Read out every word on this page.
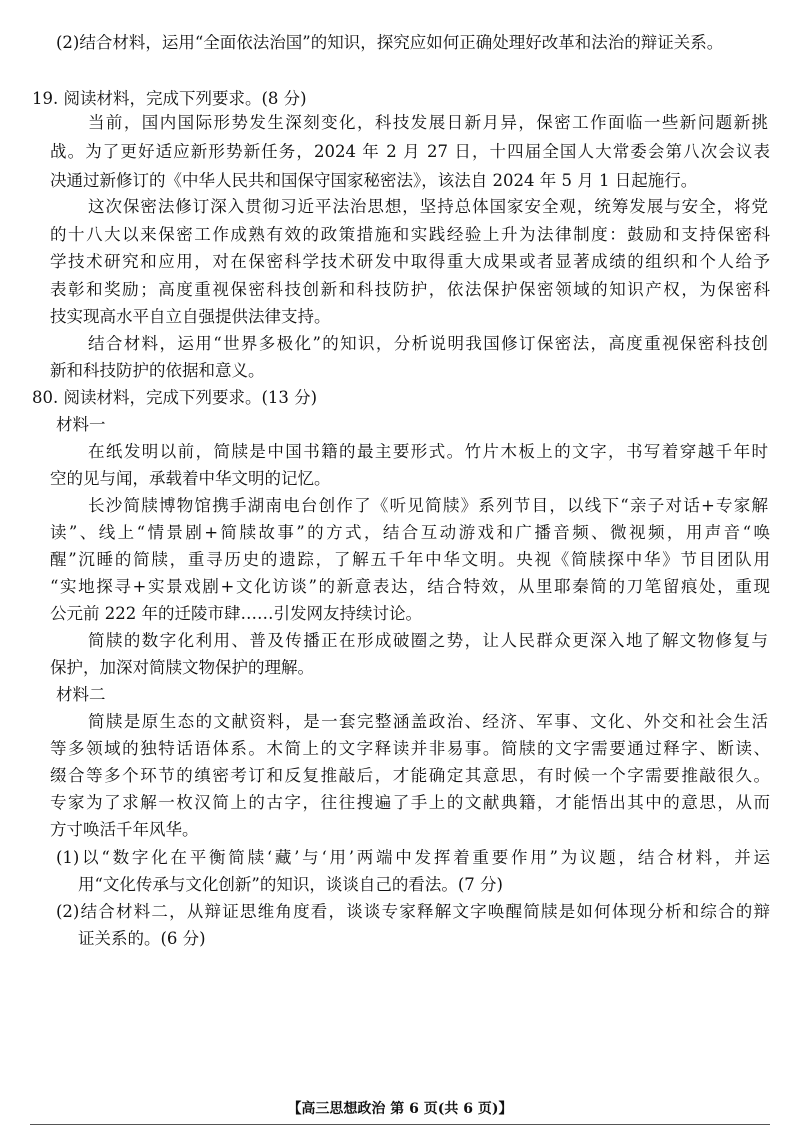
(2)结合材料，运用“全面依法治国”的知识，探究应如何正确处理好改革和法治的辩证关系。
19. 阅读材料，完成下列要求。(8 分)
当前，国内国际形势发生深刻变化，科技发展日新月异，保密工作面临一些新问题新挑
战。为了更好适应新形势新任务，2024 年 2 月 27 日，十四届全国人大常委会第八次会议表
决通过新修订的《中华人民共和国保守国家秘密法》，该法自 2024 年 5 月 1 日起施行。
这次保密法修订深入贯彻习近平法治思想，坚持总体国家安全观，统筹发展与安全，将党
的十八大以来保密工作成熟有效的政策措施和实践经验上升为法律制度：鼓励和支持保密科
学技术研究和应用，对在保密科学技术研发中取得重大成果或者显著成绩的组织和个人给予
表彰和奖励；高度重视保密科技创新和科技防护，依法保护保密领域的知识产权，为保密科
技实现高水平自立自强提供法律支持。
结合材料，运用“世界多极化”的知识，分析说明我国修订保密法，高度重视保密科技创
新和科技防护的依据和意义。
80. 阅读材料，完成下列要求。(13 分)
材料一
在纸发明以前，简牍是中国书籍的最主要形式。竹片木板上的文字，书写着穿越千年时
空的见与闻，承载着中华文明的记忆。
长沙简牍博物馆携手湖南电台创作了《听见简牍》系列节目，以线下“亲子对话+专家解
读”、线上“情景剧+简牍故事”的方式，结合互动游戏和广播音频、微视频，用声音“唤
醒”沉睡的简牍，重寻历史的遗踪，了解五千年中华文明。央视《简牍探中华》节目团队用
“实地探寻+实景戏剧+文化访谈”的新意表达，结合特效，从里耶秦简的刀笔留痕处，重现
公元前 222 年的迁陵市肆……引发网友持续讨论。
简牍的数字化利用、普及传播正在形成破圈之势，让人民群众更深入地了解文物修复与
保护，加深对简牍文物保护的理解。
材料二
简牍是原生态的文献资料，是一套完整涵盖政治、经济、军事、文化、外交和社会生活
等多领域的独特话语体系。木简上的文字释读并非易事。简牍的文字需要通过释字、断读、
缀合等多个环节的缜密考订和反复推敲后，才能确定其意思，有时候一个字需要推敲很久。
专家为了求解一枚汉简上的古字，往往搜遍了手上的文献典籍，才能悟出其中的意思，从而
方寸唤活千年风华。
(1)以“数字化在平衡简牍‘藏’与‘用’两端中发挥着重要作用”为议题，结合材料，并运
用“文化传承与文化创新”的知识，谈谈自己的看法。(7 分)
(2)结合材料二，从辩证思维角度看，谈谈专家释解文字唤醒简牍是如何体现分析和综合的辩
证关系的。(6 分)
【高三思想政治 第 6 页(共 6 页)】
